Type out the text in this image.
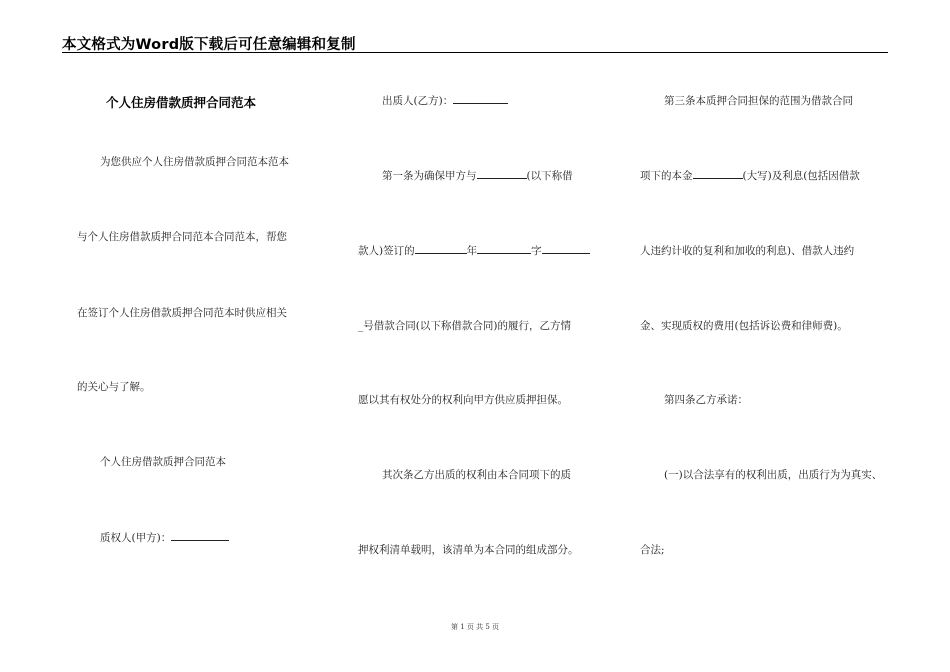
本文格式为Word版下载后可任意编辑和复制
个人住房借款质押合同范本
为您供应个人住房借款质押合同范本范本
与个人住房借款质押合同范本合同范本，帮您
在签订个人住房借款质押合同范本时供应相关
的关心与了解。
个人住房借款质押合同范本
质权人(甲方)：
出质人(乙方)：
第一条为确保甲方与	(以下称借
款人)签订的	年	字
_号借款合同(以下称借款合同)的履行，乙方情
愿以其有权处分的权利向甲方供应质押担保。
其次条乙方出质的权利由本合同项下的质
押权利清单载明，该清单为本合同的组成部分。
第三条本质押合同担保的范围为借款合同
项下的本金	(大写)及利息(包括因借款
人违约计收的复利和加收的利息)、借款人违约
金、实现质权的费用(包括诉讼费和律师费)。
第四条乙方承诺：
(一)以合法享有的权利出质，出质行为为真实、
合法;
第 1 页 共 5 页
